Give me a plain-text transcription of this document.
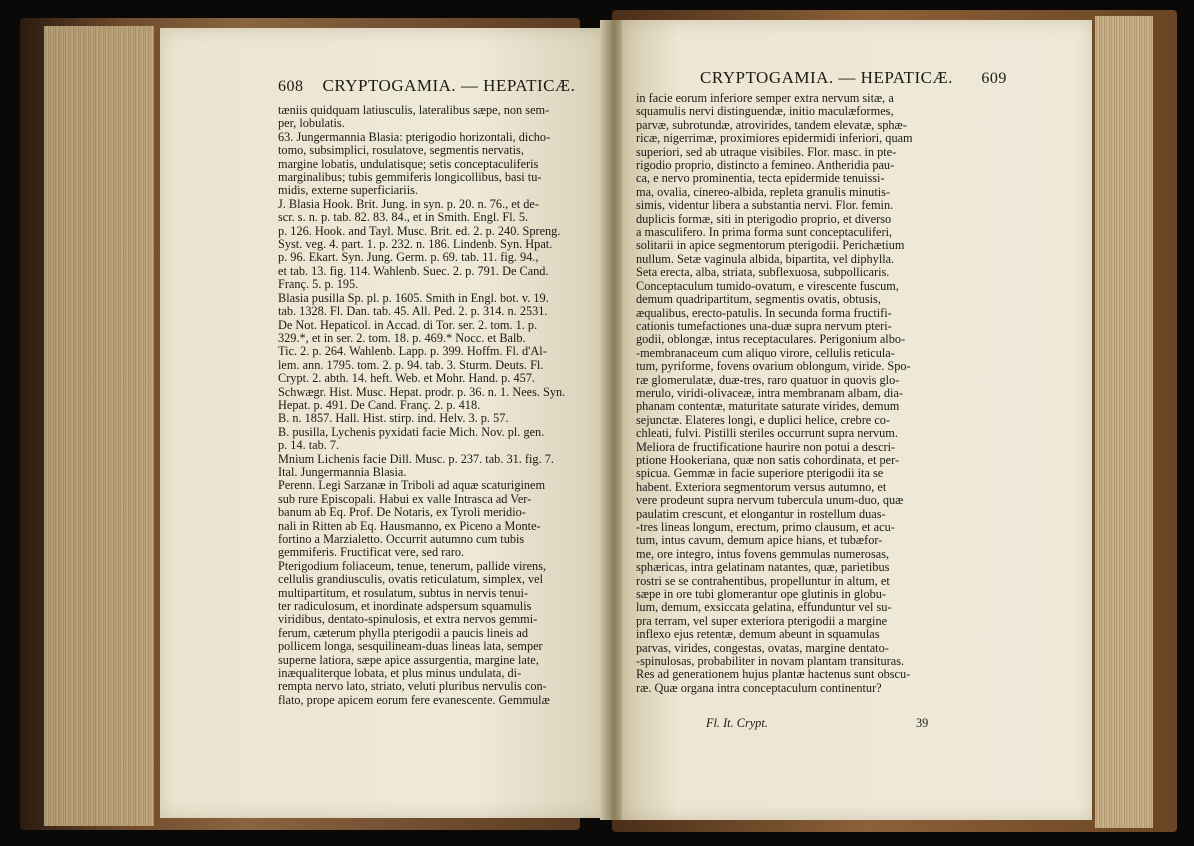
608 CRYPTOGAMIA. — HEPATICÆ.
tæniis quidquam latiusculis, lateralibus sæpe, non sem-
per, lobulatis.
63. Jungermannia Blasia: pterigodio horizontali, dicho-
tomo, subsimplici, rosulatove, segmentis nervatis,
margine lobatis, undulatisque; setis conceptaculiferis
marginalibus; tubis gemmiferis longicollibus, basi tu-
midis, externe superficiariis.
J. Blasia Hook. Brit. Jung. in syn. p. 20. n. 76., et de-
scr. s. n. p. tab. 82. 83. 84., et in Smith. Engl. Fl. 5.
p. 126. Hook. and Tayl. Musc. Brit. ed. 2. p. 240. Spreng.
Syst. veg. 4. part. 1. p. 232. n. 186. Lindenb. Syn. Hpat.
p. 96. Ekart. Syn. Jung. Germ. p. 69. tab. 11. fig. 94.,
et tab. 13. fig. 114. Wahlenb. Suec. 2. p. 791. De Cand.
Franç. 5. p. 195.
Blasia pusilla Sp. pl. p. 1605. Smith in Engl. bot. v. 19.
tab. 1328. Fl. Dan. tab. 45. All. Ped. 2. p. 314. n. 2531.
De Not. Hepaticol. in Accad. di Tor. ser. 2. tom. 1. p.
329.*, et in ser. 2. tom. 18. p. 469.* Nocc. et Balb.
Tic. 2. p. 264. Wahlenb. Lapp. p. 399. Hoffm. Fl. d'Al-
lem. ann. 1795. tom. 2. p. 94. tab. 3. Sturm. Deuts. Fl.
Crypt. 2. abth. 14. heft. Web. et Mohr. Hand. p. 457.
Schwægr. Hist. Musc. Hepat. prodr. p. 36. n. 1. Nees. Syn.
Hepat. p. 491. De Cand. Franç. 2. p. 418.
B. n. 1857. Hall. Hist. stirp. ind. Helv. 3. p. 57.
B. pusilla, Lychenis pyxidati facie Mich. Nov. pl. gen.
p. 14. tab. 7.
Mnium Lichenis facie Dill. Musc. p. 237. tab. 31. fig. 7.
Ital. Jungermannia Blasia.
Perenn. Legi Sarzanæ in Triboli ad aquæ scaturiginem
sub rure Episcopali. Habui ex valle Intrasca ad Ver-
banum ab Eq. Prof. De Notaris, ex Tyroli meridio-
nali in Ritten ab Eq. Hausmanno, ex Piceno a Monte-
fortino a Marzialetto. Occurrit autumno cum tubis
gemmiferis. Fructificat vere, sed raro.
Pterigodium foliaceum, tenue, tenerum, pallide virens,
cellulis grandiusculis, ovatis reticulatum, simplex, vel
multipartitum, et rosulatum, subtus in nervis tenui-
ter radiculosum, et inordinate adspersum squamulis
viridibus, dentato-spinulosis, et extra nervos gemmi-
ferum, cæterum phylla pterigodii a paucis lineis ad
pollicem longa, sesquilineam-duas lineas lata, semper
superne latiora, sæpe apice assurgentia, margine late,
inæqualiterque lobata, et plus minus undulata, di-
rempta nervo lato, striato, veluti pluribus nervulis con-
flato, prope apicem eorum fere evanescente. Gemmulæ
CRYPTOGAMIA. — HEPATICÆ. 609
in facie eorum inferiore semper extra nervum sitæ, a
squamulis nervi distinguendæ, initio maculæformes,
parvæ, subrotundæ, atrovirides, tandem elevatæ, sphæ-
ricæ, nigerrimæ, proximiores epidermidi inferiori, quam
superiori, sed ab utraque visibiles. Flor. masc. in pte-
rigodio proprio, distincto a femineo. Antheridia pau-
ca, e nervo prominentia, tecta epidermide tenuissi-
ma, ovalia, cinereo-albida, repleta granulis minutis-
simis, videntur libera a substantia nervi. Flor. femin.
duplicis formæ, siti in pterigodio proprio, et diverso
a masculifero. In prima forma sunt conceptaculiferi,
solitarii in apice segmentorum pterigodii. Perichætium
nullum. Setæ vaginula albida, bipartita, vel diphylla.
Seta erecta, alba, striata, subflexuosa, subpollicaris.
Conceptaculum tumido-ovatum, e virescente fuscum,
demum quadripartitum, segmentis ovatis, obtusis,
æqualibus, erecto-patulis. In secunda forma fructifi-
cationis tumefactiones una-duæ supra nervum pteri-
godii, oblongæ, intus receptaculares. Perigonium albo-
-membranaceum cum aliquo virore, cellulis reticula-
tum, pyriforme, fovens ovarium oblongum, viride. Spo-
ræ glomerulatæ, duæ-tres, raro quatuor in quovis glo-
merulo, viridi-olivaceæ, intra membranam albam, dia-
phanam contentæ, maturitate saturate virides, demum
sejunctæ. Elateres longi, e duplici helice, crebre co-
chleati, fulvi. Pistilli steriles occurrunt supra nervum.
Meliora de fructificatione haurire non potui a descri-
ptione Hookeriana, quæ non satis cohordinata, et per-
spicua. Gemmæ in facie superiore pterigodii ita se
habent. Exteriora segmentorum versus autumno, et
vere prodeunt supra nervum tubercula unum-duo, quæ
paulatim crescunt, et elongantur in rostellum duas-
-tres lineas longum, erectum, primo clausum, et acu-
tum, intus cavum, demum apice hians, et tubæfor-
me, ore integro, intus fovens gemmulas numerosas,
sphæricas, intra gelatinam natantes, quæ, parietibus
rostri se se contrahentibus, propelluntur in altum, et
sæpe in ore tubi glomerantur ope glutinis in globu-
lum, demum, exsiccata gelatina, effunduntur vel su-
pra terram, vel super exteriora pterigodii a margine
inflexo ejus retentæ, demum abeunt in squamulas
parvas, virides, congestas, ovatas, margine dentato-
-spinulosas, probabiliter in novam plantam transituras.
Res ad generationem hujus plantæ hactenus sunt obscu-
ræ. Quæ organa intra conceptaculum continentur?
Fl. It. Crypt.	39
